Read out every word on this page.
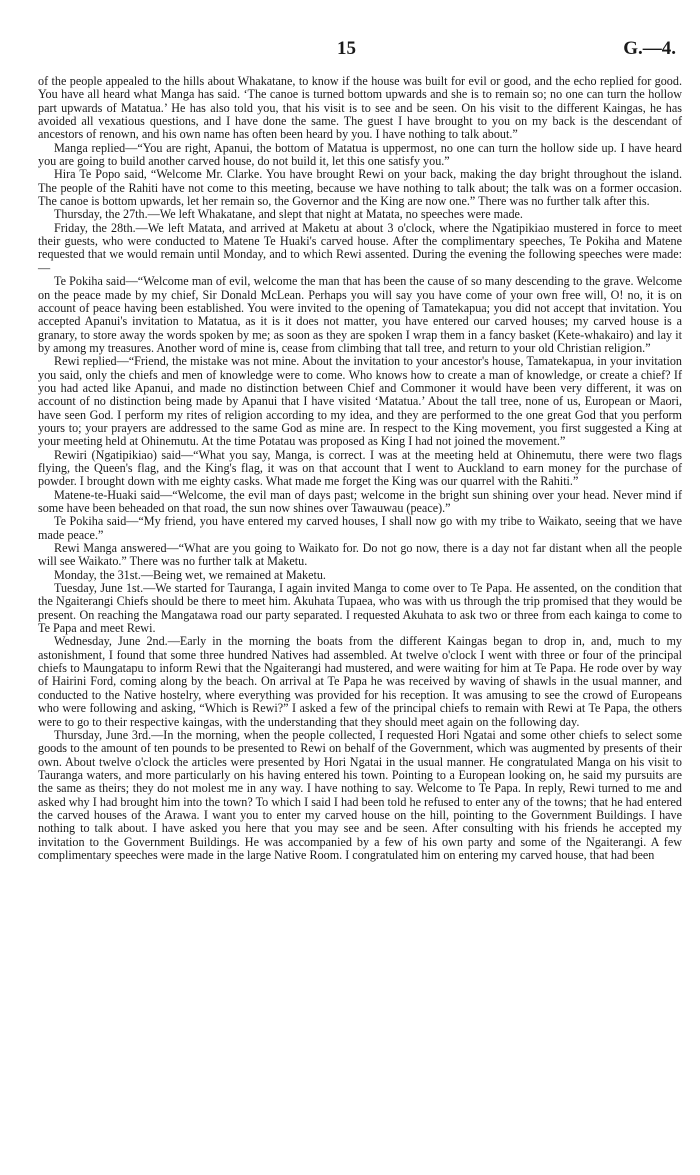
15	G.—4.

of the people appealed to the hills about Whakatane, to know if the house was built for evil or good, and the echo replied for good. You have all heard what Manga has said. ‘The canoe is turned bottom upwards and she is to remain so; no one can turn the hollow part upwards of Matatua.’ He has also told you, that his visit is to see and be seen. On his visit to the different Kaingas, he has avoided all vexatious questions, and I have done the same. The guest I have brought to you on my back is the descendant of ancestors of renown, and his own name has often been heard by you. I have nothing to talk about.”

Manga replied—“You are right, Apanui, the bottom of Matatua is uppermost, no one can turn the hollow side up. I have heard you are going to build another carved house, do not build it, let this one satisfy you.”

Hira Te Popo said, “Welcome Mr. Clarke. You have brought Rewi on your back, making the day bright throughout the island. The people of the Rahiti have not come to this meeting, because we have nothing to talk about; the talk was on a former occasion. The canoe is bottom upwards, let her remain so, the Governor and the King are now one.” There was no further talk after this.

Thursday, the 27th.—We left Whakatane, and slept that night at Matata, no speeches were made.

Friday, the 28th.—We left Matata, and arrived at Maketu at about 3 o'clock, where the Ngatipikiao mustered in force to meet their guests, who were conducted to Matene Te Huaki's carved house. After the complimentary speeches, Te Pokiha and Matene requested that we would remain until Monday, and to which Rewi assented. During the evening the following speeches were made:—

Te Pokiha said—“Welcome man of evil, welcome the man that has been the cause of so many descending to the grave. Welcome on the peace made by my chief, Sir Donald McLean. Perhaps you will say you have come of your own free will, O! no, it is on account of peace having been established. You were invited to the opening of Tamatekapua; you did not accept that invitation. You accepted Apanui's invitation to Matatua, as it is it does not matter, you have entered our carved houses; my carved house is a granary, to store away the words spoken by me; as soon as they are spoken I wrap them in a fancy basket (Kete-whakairo) and lay it by among my treasures. Another word of mine is, cease from climbing that tall tree, and return to your old Christian religion.”

Rewi replied—“Friend, the mistake was not mine. About the invitation to your ancestor's house, Tamatekapua, in your invitation you said, only the chiefs and men of knowledge were to come. Who knows how to create a man of knowledge, or create a chief? If you had acted like Apanui, and made no distinction between Chief and Commoner it would have been very different, it was on account of no distinction being made by Apanui that I have visited ‘Matatua.’ About the tall tree, none of us, European or Maori, have seen God. I perform my rites of religion according to my idea, and they are performed to the one great God that you perform yours to; your prayers are addressed to the same God as mine are. In respect to the King movement, you first suggested a King at your meeting held at Ohinemutu. At the time Potatau was proposed as King I had not joined the movement.”

Rewiri (Ngatipikiao) said—“What you say, Manga, is correct. I was at the meeting held at Ohinemutu, there were two flags flying, the Queen's flag, and the King's flag, it was on that account that I went to Auckland to earn money for the purchase of powder. I brought down with me eighty casks. What made me forget the King was our quarrel with the Rahiti.”

Matene-te-Huaki said—“Welcome, the evil man of days past; welcome in the bright sun shining over your head. Never mind if some have been beheaded on that road, the sun now shines over Tawauwau (peace).”

Te Pokiha said—“My friend, you have entered my carved houses, I shall now go with my tribe to Waikato, seeing that we have made peace.”

Rewi Manga answered—“What are you going to Waikato for. Do not go now, there is a day not far distant when all the people will see Waikato.” There was no further talk at Maketu.

Monday, the 31st.—Being wet, we remained at Maketu.

Tuesday, June 1st.—We started for Tauranga, I again invited Manga to come over to Te Papa. He assented, on the condition that the Ngaiterangi Chiefs should be there to meet him. Akuhata Tupaea, who was with us through the trip promised that they would be present. On reaching the Mangatawa road our party separated. I requested Akuhata to ask two or three from each kainga to come to Te Papa and meet Rewi.

Wednesday, June 2nd.—Early in the morning the boats from the different Kaingas began to drop in, and, much to my astonishment, I found that some three hundred Natives had assembled. At twelve o'clock I went with three or four of the principal chiefs to Maungatapu to inform Rewi that the Ngaiterangi had mustered, and were waiting for him at Te Papa. He rode over by way of Hairini Ford, coming along by the beach. On arrival at Te Papa he was received by waving of shawls in the usual manner, and conducted to the Native hostelry, where everything was provided for his reception. It was amusing to see the crowd of Europeans who were following and asking, “Which is Rewi?” I asked a few of the principal chiefs to remain with Rewi at Te Papa, the others were to go to their respective kaingas, with the understanding that they should meet again on the following day.

Thursday, June 3rd.—In the morning, when the people collected, I requested Hori Ngatai and some other chiefs to select some goods to the amount of ten pounds to be presented to Rewi on behalf of the Government, which was augmented by presents of their own. About twelve o'clock the articles were presented by Hori Ngatai in the usual manner. He congratulated Manga on his visit to Tauranga waters, and more particularly on his having entered his town. Pointing to a European looking on, he said my pursuits are the same as theirs; they do not molest me in any way. I have nothing to say. Welcome to Te Papa. In reply, Rewi turned to me and asked why I had brought him into the town? To which I said I had been told he refused to enter any of the towns; that he had entered the carved houses of the Arawa. I want you to enter my carved house on the hill, pointing to the Government Buildings. I have nothing to talk about. I have asked you here that you may see and be seen. After consulting with his friends he accepted my invitation to the Government Buildings. He was accompanied by a few of his own party and some of the Ngaiterangi. A few complimentary speeches were made in the large Native Room. I congratulated him on entering my carved house, that had been
